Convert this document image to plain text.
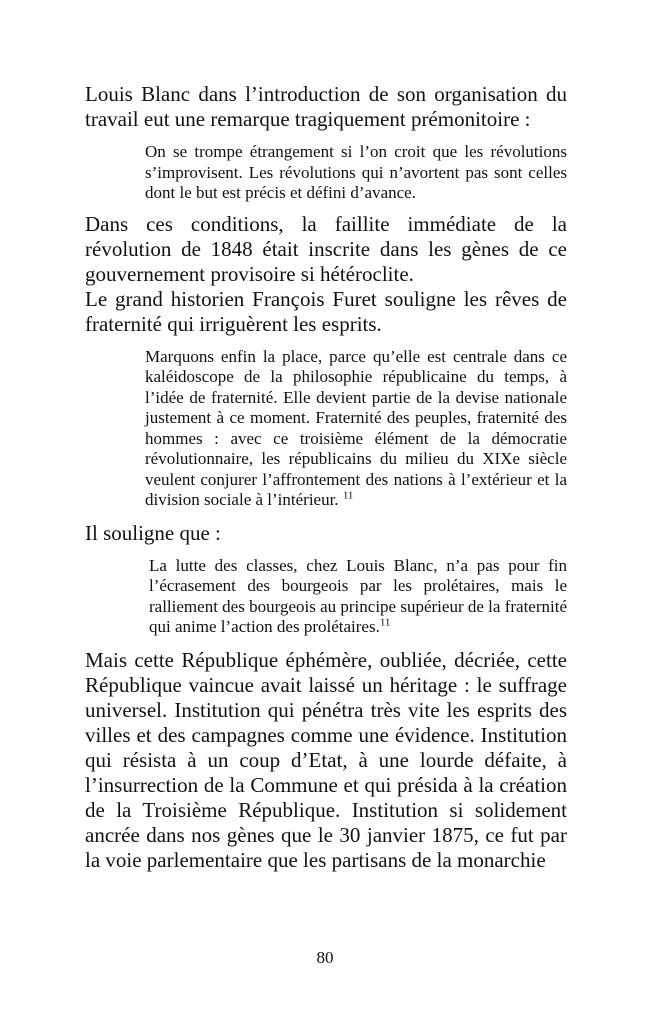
Louis Blanc dans l’introduction de son organisation du travail eut une remarque tragiquement prémonitoire :

On se trompe étrangement si l’on croit que les révolutions s’improvisent. Les révolutions qui n’avortent pas sont celles dont le but est précis et défini d’avance.

Dans ces conditions, la faillite immédiate de la révolution de 1848 était inscrite dans les gènes de ce gouvernement provisoire si hétéroclite.

Le grand historien François Furet souligne les rêves de fraternité qui irriguèrent les esprits.

Marquons enfin la place, parce qu’elle est centrale dans ce kaléidoscope de la philosophie républicaine du temps, à l’idée de fraternité. Elle devient partie de la devise nationale justement à ce moment. Fraternité des peuples, fraternité des hommes : avec ce troisième élément de la démocratie révolutionnaire, les républicains du milieu du XIXe siècle veulent conjurer l’affrontement des nations à l’extérieur et la division sociale à l’intérieur. $^{11}$

Il souligne que :

La lutte des classes, chez Louis Blanc, n’a pas pour fin l’écrasement des bourgeois par les prolétaires, mais le ralliement des bourgeois au principe supérieur de la fraternité qui anime l’action des prolétaires.$^{11}$

Mais cette République éphémère, oubliée, décriée, cette République vaincue avait laissé un héritage : le suffrage universel. Institution qui pénétra très vite les esprits des villes et des campagnes comme une évidence. Institution qui résista à un coup d’Etat, à une lourde défaite, à l’insurrection de la Commune et qui présida à la création de la Troisième République. Institution si solidement ancrée dans nos gènes que le 30 janvier 1875, ce fut par la voie parlementaire que les partisans de la monarchie

80
